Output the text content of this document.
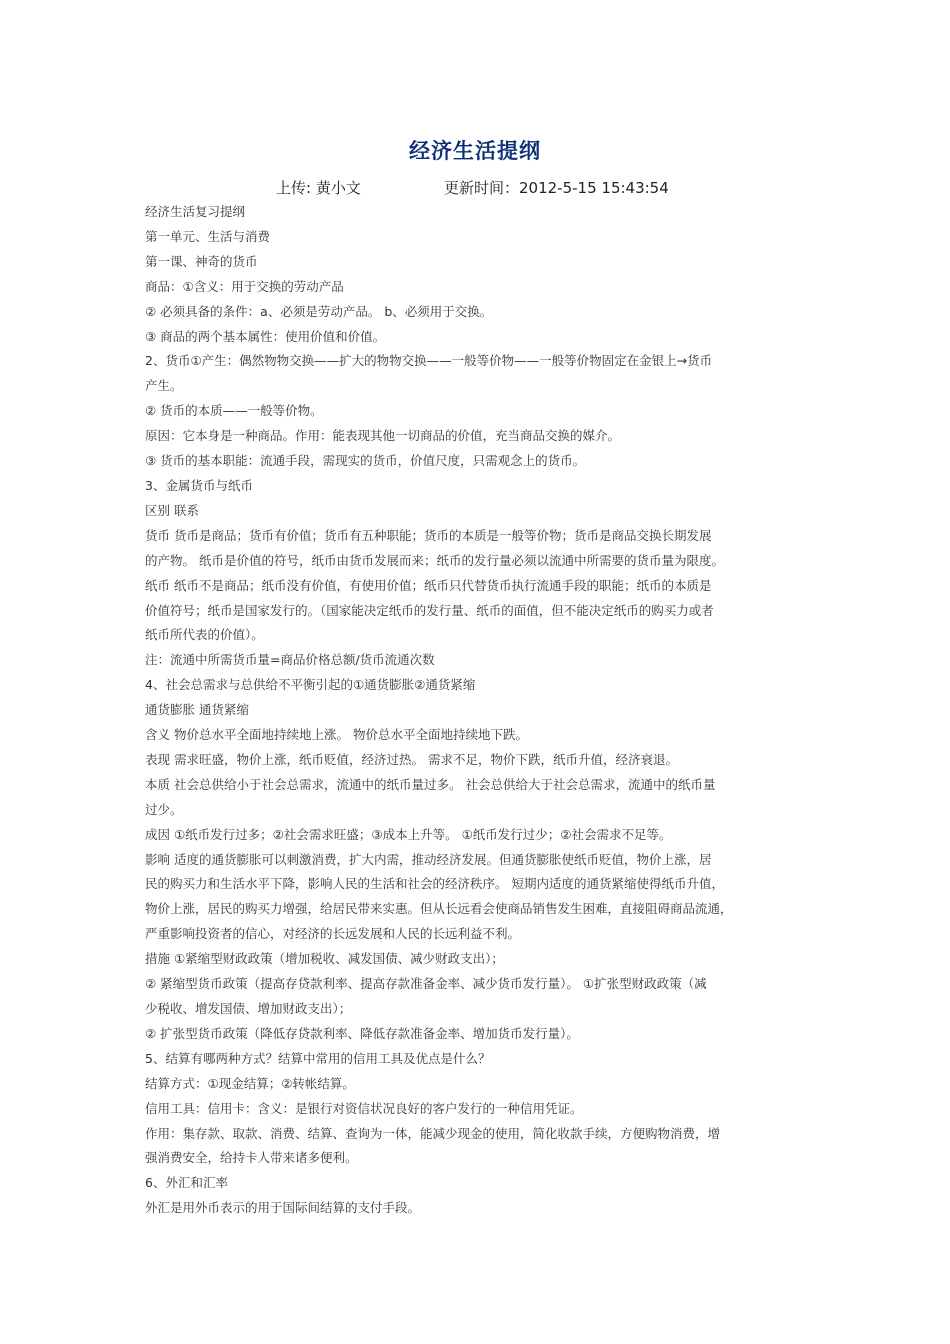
经济生活提纲
上传: 黄小文	更新时间：2012-5-15 15:43:54
经济生活复习提纲
第一单元、生活与消费
第一课、神奇的货币
商品：①含义：用于交换的劳动产品
② 必须具备的条件：a、必须是劳动产品。 b、必须用于交换。
③ 商品的两个基本属性：使用价值和价值。
2、货币①产生：偶然物物交换——扩大的物物交换——一般等价物——一般等价物固定在金银上→货币
产生。
② 货币的本质——一般等价物。
原因：它本身是一种商品。作用：能表现其他一切商品的价值，充当商品交换的媒介。
③ 货币的基本职能：流通手段，需现实的货币，价值尺度，只需观念上的货币。
3、金属货币与纸币
区别 联系
货币 货币是商品；货币有价值；货币有五种职能；货币的本质是一般等价物；货币是商品交换长期发展
的产物。 纸币是价值的符号，纸币由货币发展而来；纸币的发行量必须以流通中所需要的货币量为限度。
纸币 纸币不是商品；纸币没有价值，有使用价值；纸币只代替货币执行流通手段的职能；纸币的本质是
价值符号；纸币是国家发行的。（国家能决定纸币的发行量、纸币的面值，但不能决定纸币的购买力或者
纸币所代表的价值）。
注：流通中所需货币量=商品价格总额/货币流通次数
4、社会总需求与总供给不平衡引起的①通货膨胀②通货紧缩
通货膨胀 通货紧缩
含义 物价总水平全面地持续地上涨。 物价总水平全面地持续地下跌。
表现 需求旺盛，物价上涨，纸币贬值，经济过热。 需求不足，物价下跌，纸币升值，经济衰退。
本质 社会总供给小于社会总需求，流通中的纸币量过多。 社会总供给大于社会总需求，流通中的纸币量
过少。
成因 ①纸币发行过多；②社会需求旺盛；③成本上升等。 ①纸币发行过少；②社会需求不足等。
影响 适度的通货膨胀可以刺激消费，扩大内需，推动经济发展。但通货膨胀使纸币贬值，物价上涨，居
民的购买力和生活水平下降，影响人民的生活和社会的经济秩序。 短期内适度的通货紧缩使得纸币升值，
物价上涨，居民的购买力增强，给居民带来实惠。但从长远看会使商品销售发生困难，直接阻碍商品流通，
严重影响投资者的信心，对经济的长远发展和人民的长远利益不利。
措施 ①紧缩型财政政策（增加税收、减发国债、减少财政支出）；
② 紧缩型货币政策（提高存贷款利率、提高存款准备金率、减少货币发行量）。 ①扩张型财政政策（减
少税收、增发国债、增加财政支出）；
② 扩张型货币政策（降低存贷款利率、降低存款准备金率、增加货币发行量）。
5、结算有哪两种方式？结算中常用的信用工具及优点是什么？
结算方式：①现金结算；②转帐结算。
信用工具：信用卡：含义：是银行对资信状况良好的客户发行的一种信用凭证。
作用：集存款、取款、消费、结算、查询为一体，能减少现金的使用，简化收款手续，方便购物消费，增
强消费安全，给持卡人带来诸多便利。
6、外汇和汇率
外汇是用外币表示的用于国际间结算的支付手段。
